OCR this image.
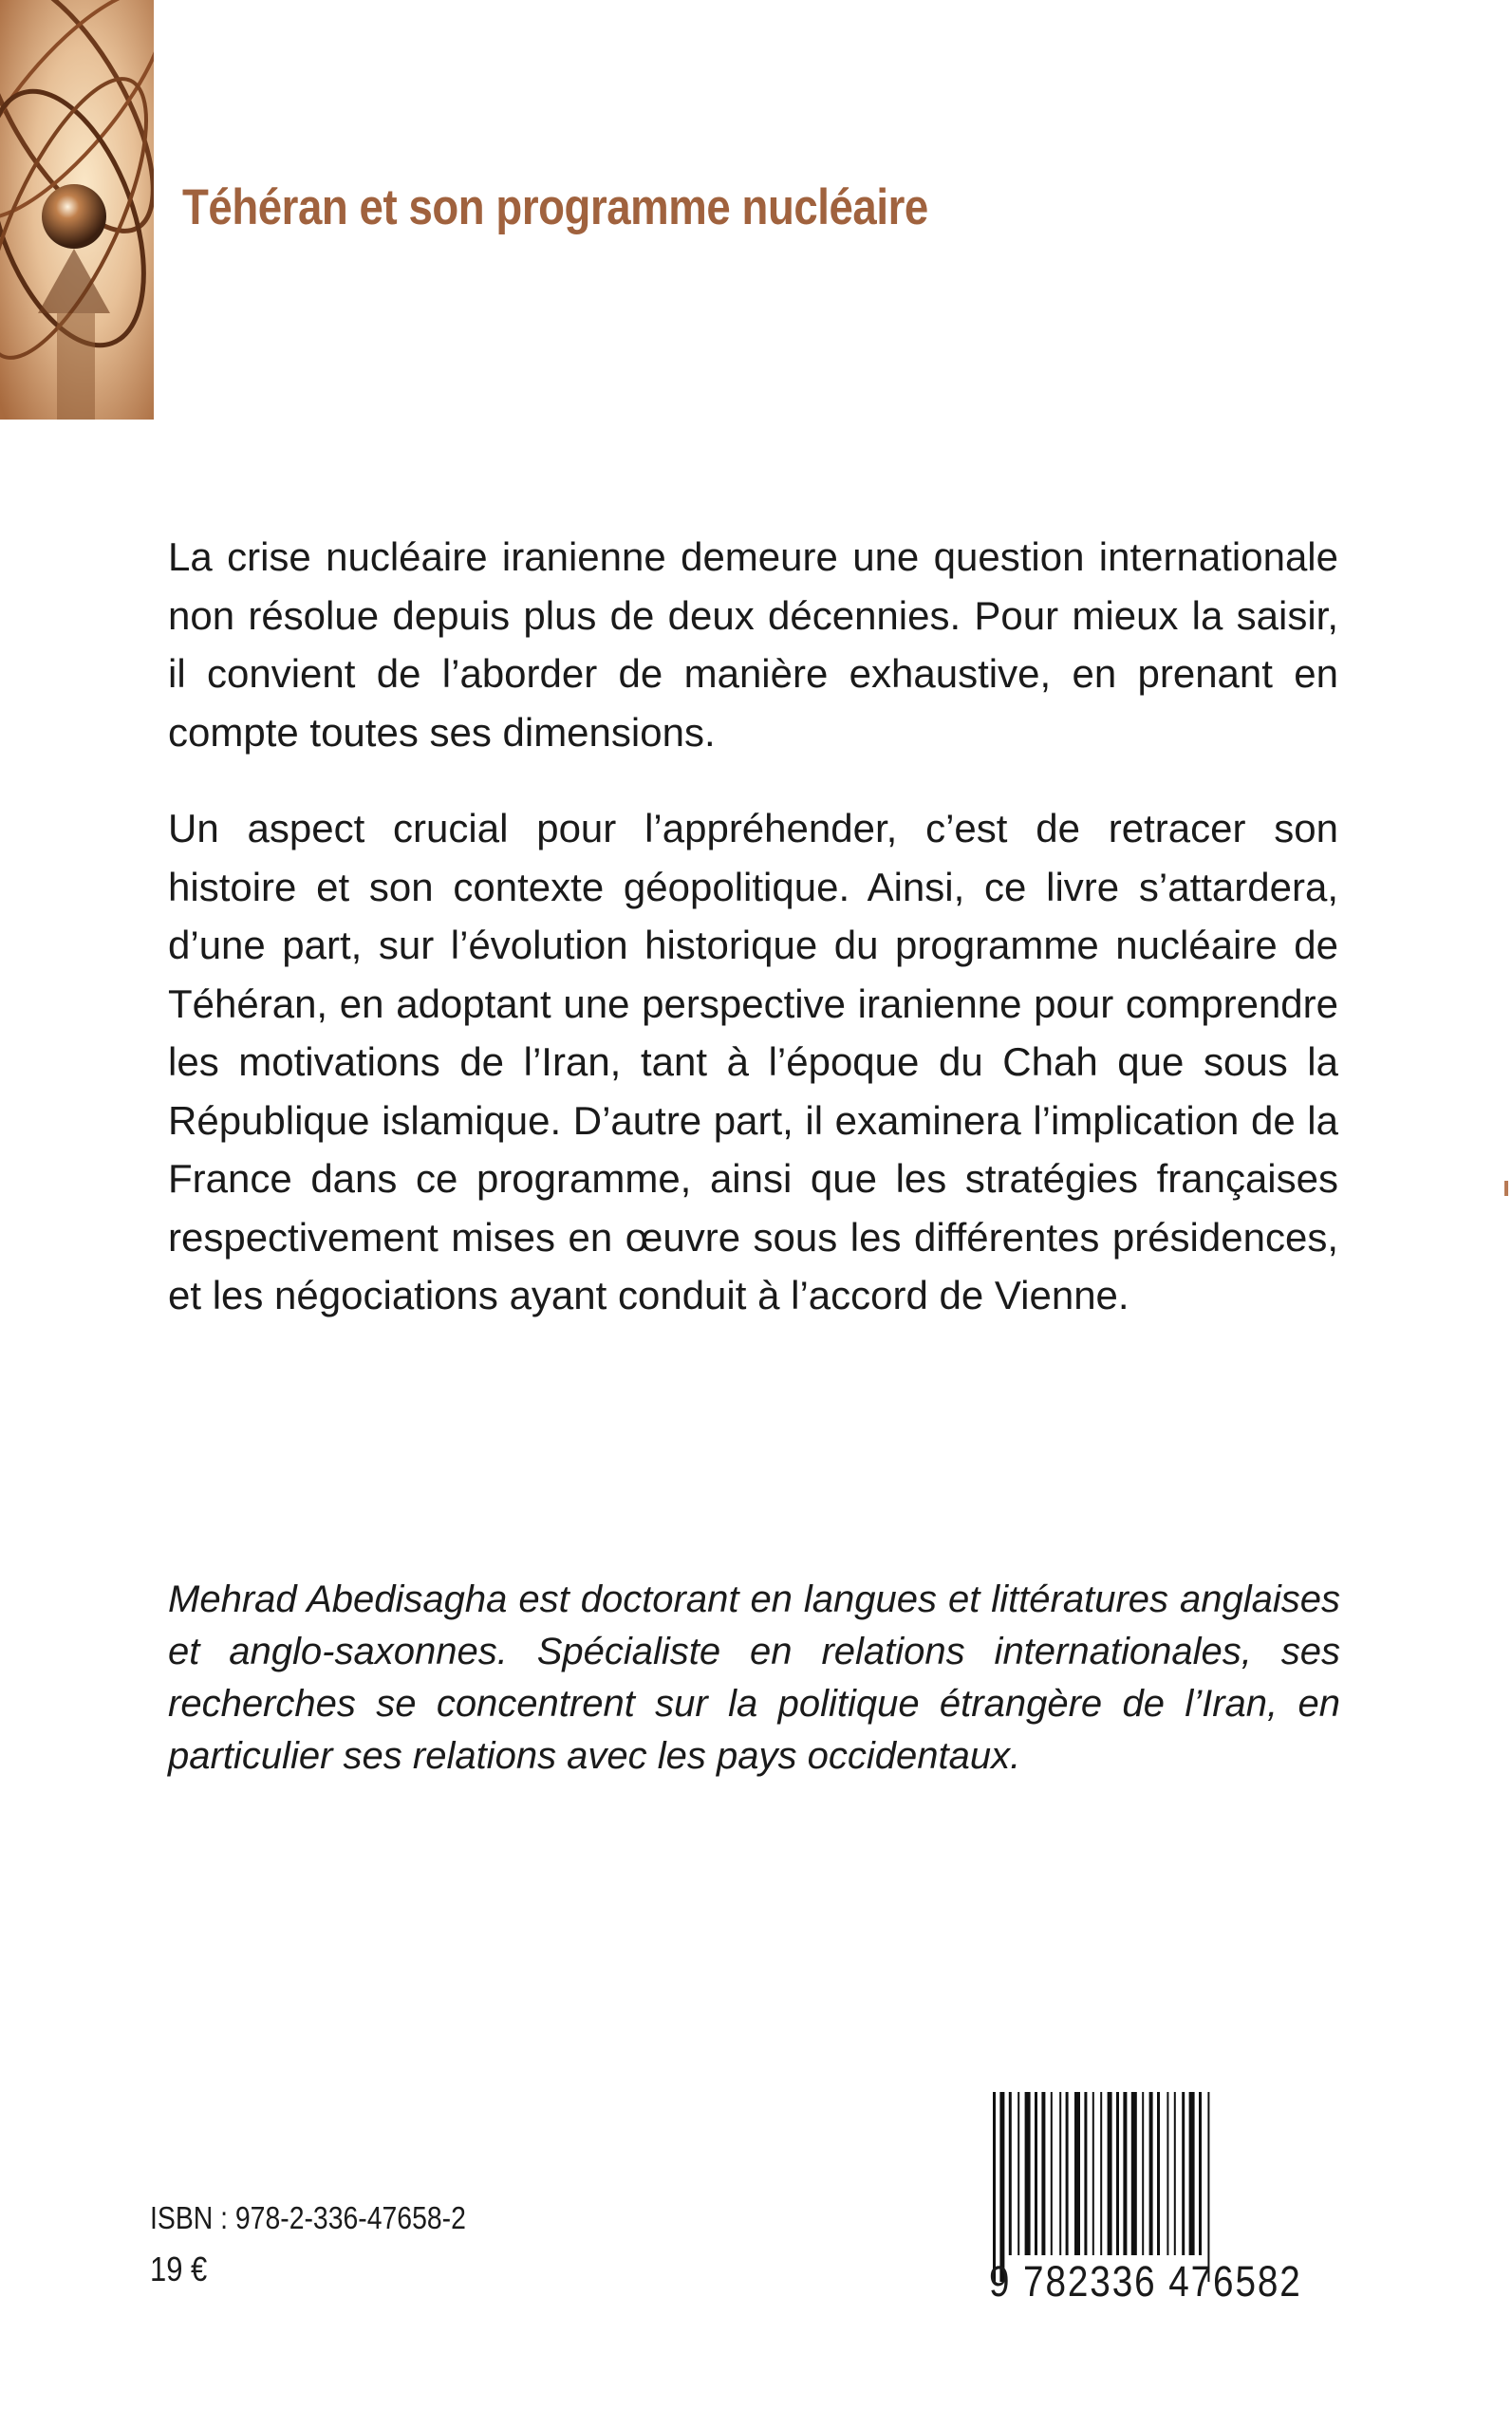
Téhéran et son programme nucléaire

La crise nucléaire iranienne demeure une question internationale non résolue depuis plus de deux décennies. Pour mieux la saisir, il convient de l’aborder de manière exhaustive, en prenant en compte toutes ses dimensions.

Un aspect crucial pour l’appréhender, c’est de retracer son histoire et son contexte géopolitique. Ainsi, ce livre s’attardera, d’une part, sur l’évolution historique du programme nucléaire de Téhéran, en adoptant une perspective iranienne pour comprendre les motivations de l’Iran, tant à l’époque du Chah que sous la République islamique. D’autre part, il examinera l’implication de la France dans ce programme, ainsi que les stratégies françaises respectivement mises en œuvre sous les différentes présidences, et les négociations ayant conduit à l’accord de Vienne.

Mehrad Abedisagha est doctorant en langues et littératures anglaises et anglo-saxonnes. Spécialiste en relations internationales, ses recherches se concentrent sur la politique étrangère de l’Iran, en particulier ses relations avec les pays occidentaux.

ISBN : 978-2-336-47658-2
19 €	9 782336 476582
